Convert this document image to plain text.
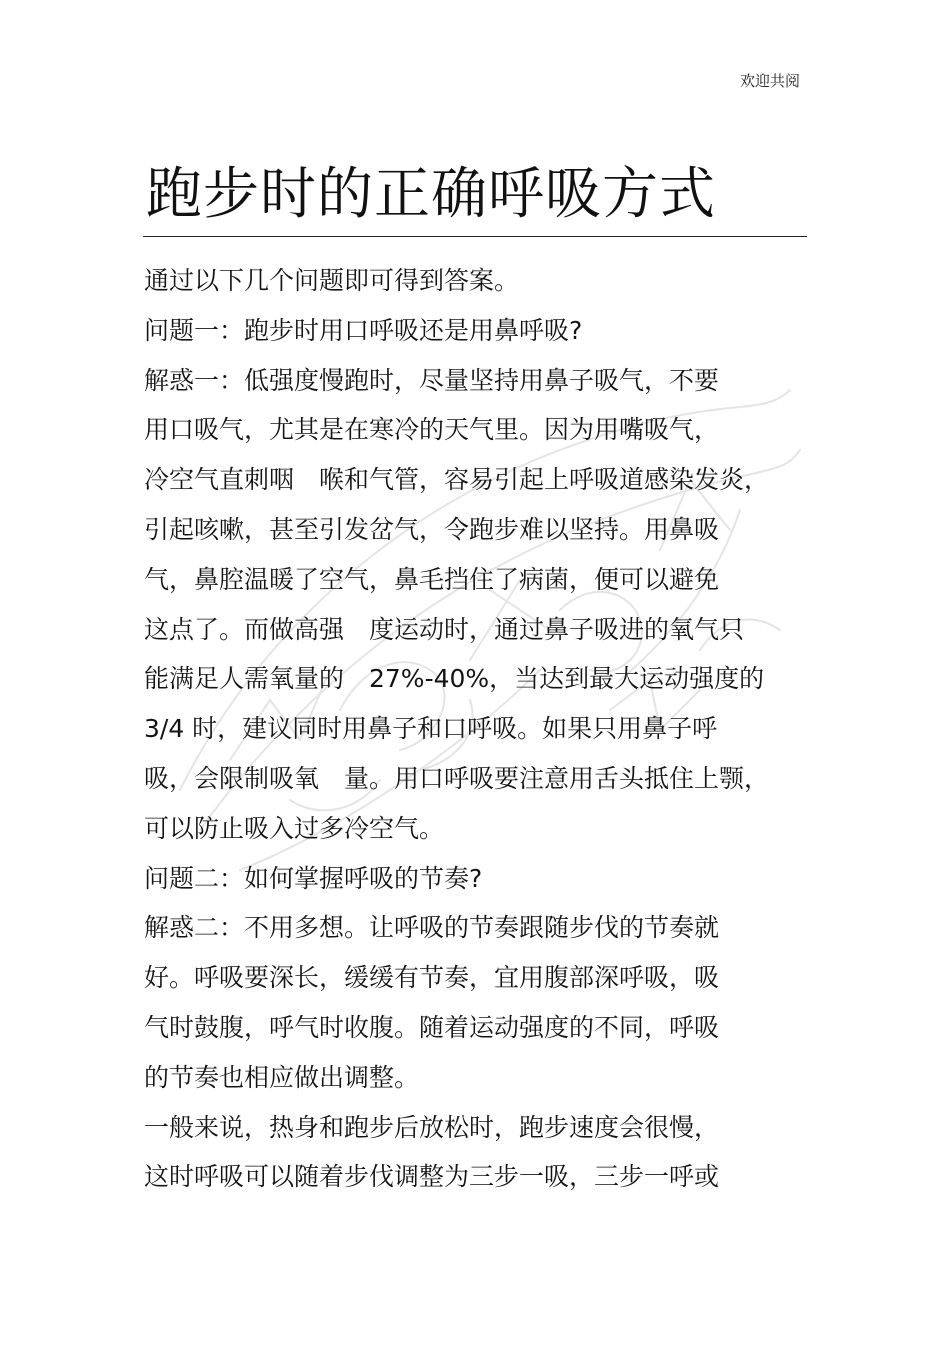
欢迎共阅
跑步时的正确呼吸方式
通过以下几个问题即可得到答案。
问题一：跑步时用口呼吸还是用鼻呼吸?
解惑一：低强度慢跑时，尽量坚持用鼻子吸气，不要
用口吸气，尤其是在寒冷的天气里。因为用嘴吸气，
冷空气直刺咽　喉和气管，容易引起上呼吸道感染发炎，
引起咳嗽，甚至引发岔气，令跑步难以坚持。用鼻吸
气，鼻腔温暖了空气，鼻毛挡住了病菌，便可以避免
这点了。而做高强　度运动时，通过鼻子吸进的氧气只
能满足人需氧量的　27%-40%，当达到最大运动强度的
3/4 时，建议同时用鼻子和口呼吸。如果只用鼻子呼
吸，会限制吸氧　量。用口呼吸要注意用舌头抵住上颚，
可以防止吸入过多冷空气。
问题二：如何掌握呼吸的节奏?
解惑二：不用多想。让呼吸的节奏跟随步伐的节奏就
好。呼吸要深长，缓缓有节奏，宜用腹部深呼吸，吸
气时鼓腹，呼气时收腹。随着运动强度的不同，呼吸
的节奏也相应做出调整。
一般来说，热身和跑步后放松时，跑步速度会很慢，
这时呼吸可以随着步伐调整为三步一吸，三步一呼或
